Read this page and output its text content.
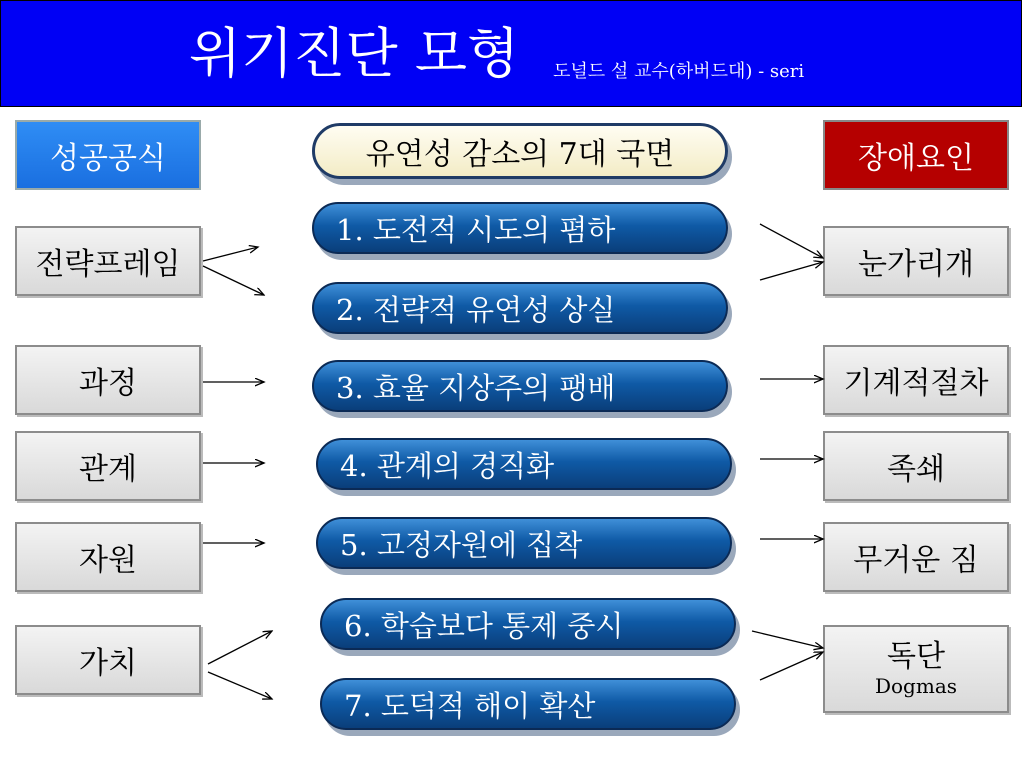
위기진단 모형 도널드 설 교수(하버드대) - seri
성공공식	유연성 감소의 7대 국면	장애요인
전략프레임
과정
관계
자원
가치
1. 도전적 시도의 폄하
2. 전략적 유연성 상실
3. 효율 지상주의 팽배
4. 관계의 경직화
5. 고정자원에 집착
6. 학습보다 통제 중시
7. 도덕적 해이 확산
눈가리개
기계적절차
족쇄
무거운 짐
독단
Dogmas
